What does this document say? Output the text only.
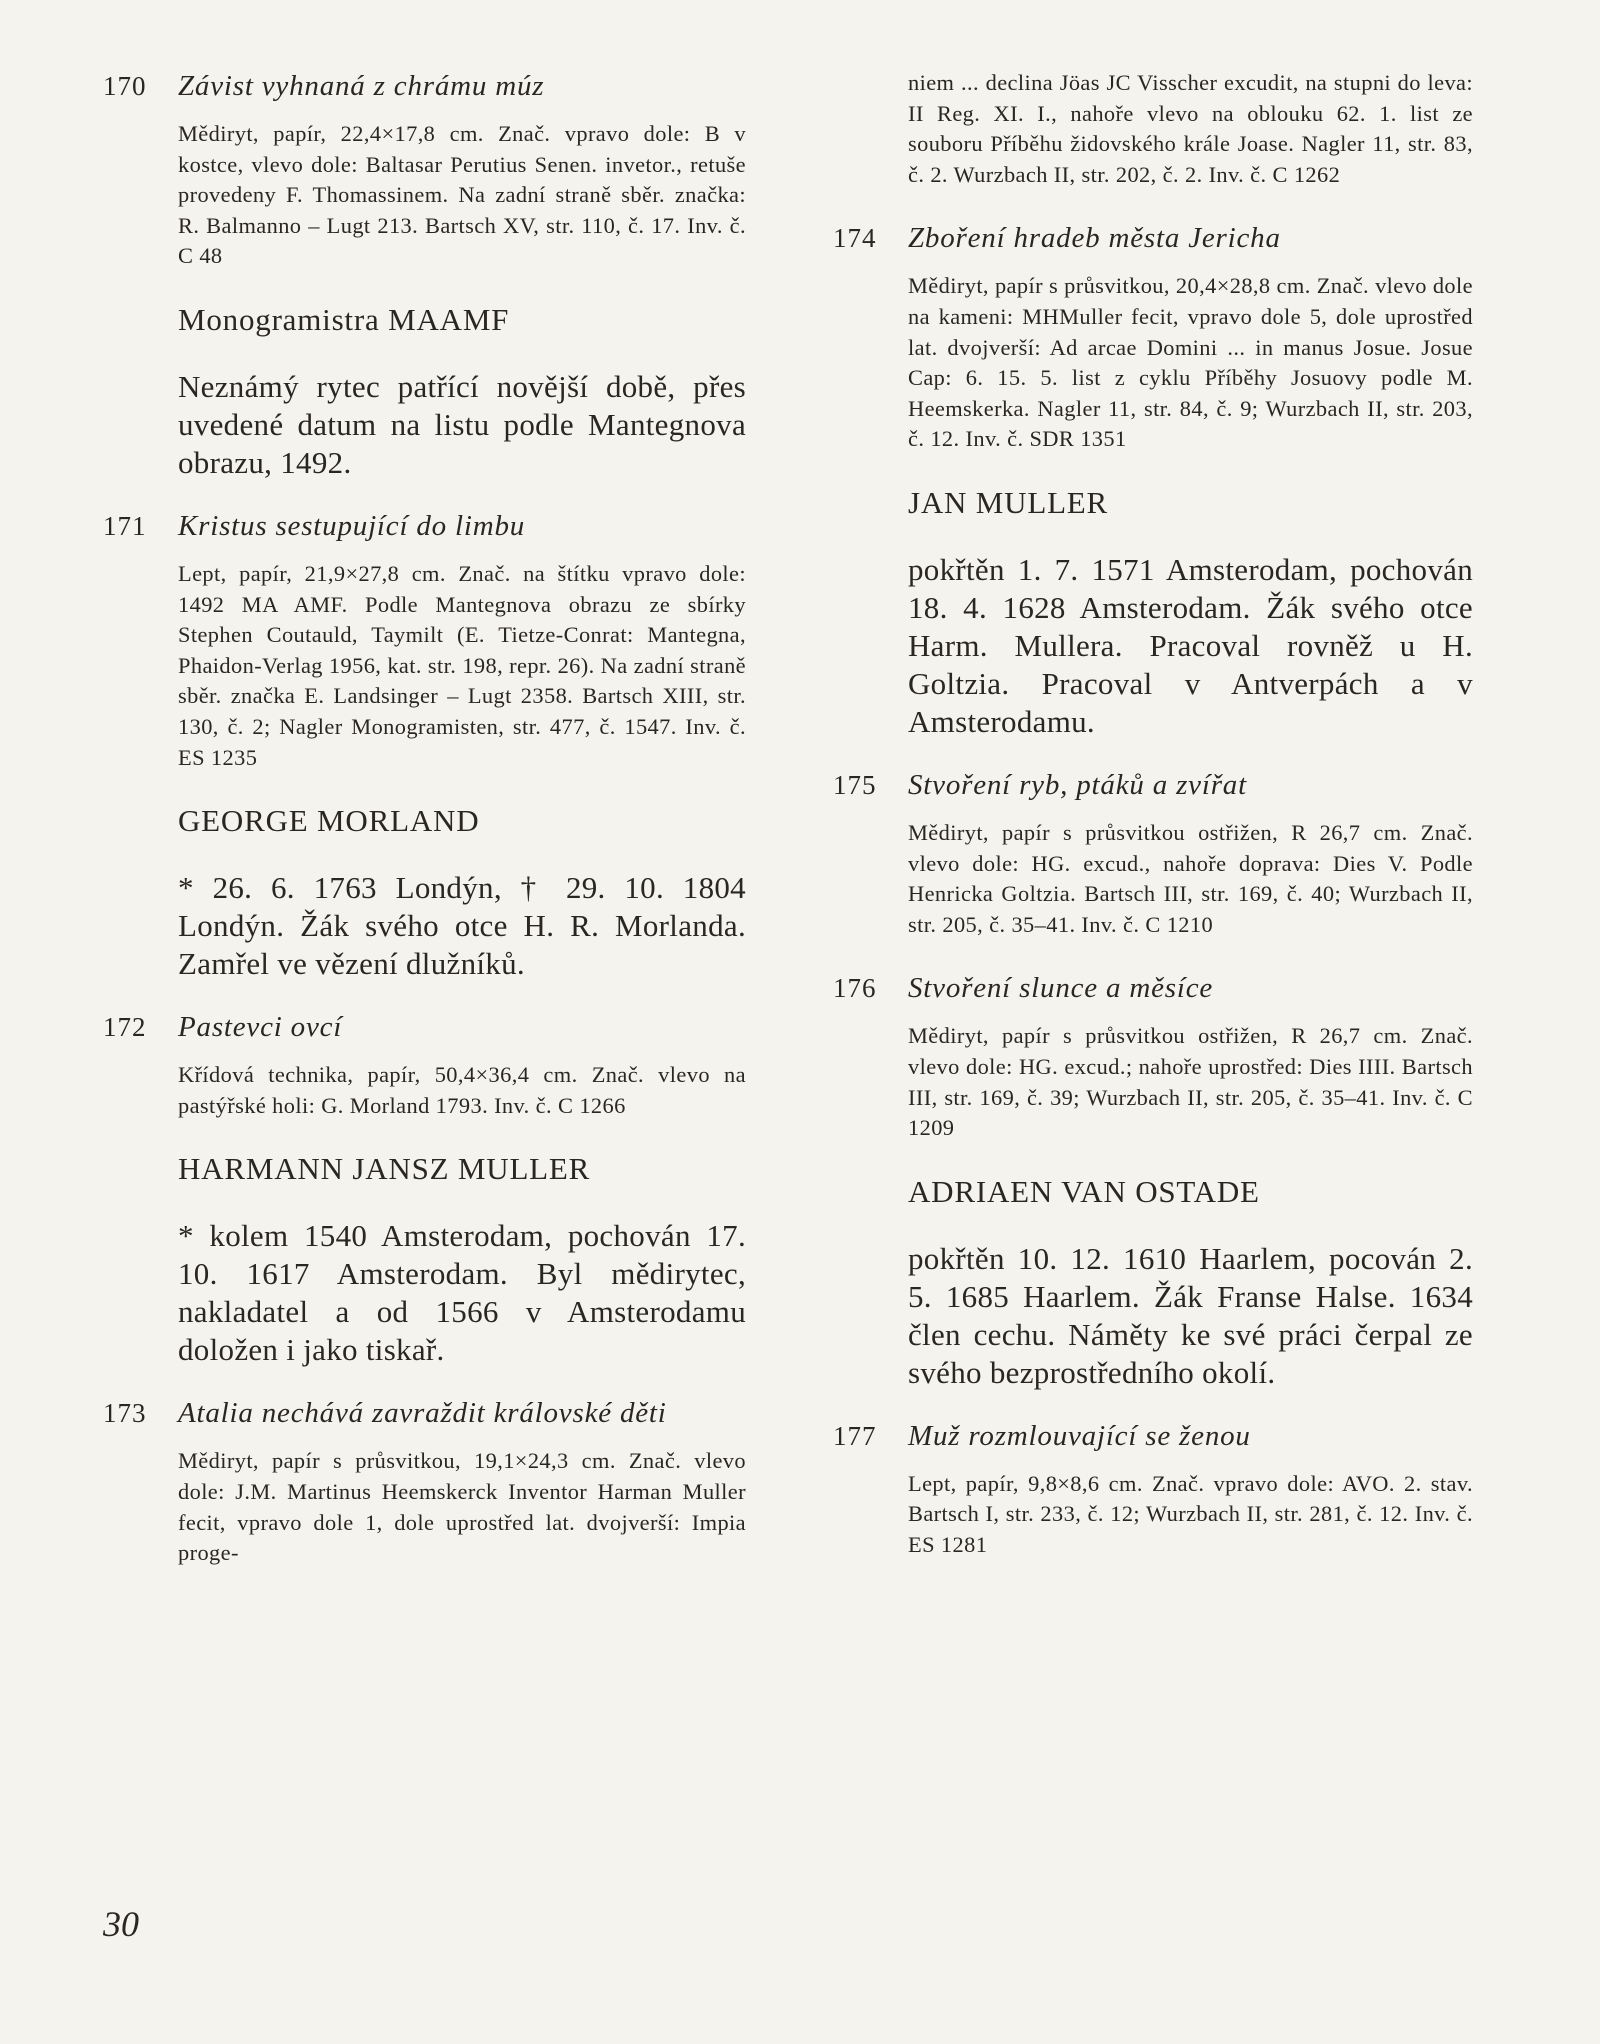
170	Závist vyhnaná z chrámu múz
Mědiryt, papír, 22,4×17,8 cm. Znač. vpravo dole: B v kostce, vlevo dole: Baltasar Perutius Senen. invetor., retuše provedeny F. Thomassinem. Na zadní straně sběr. značka: R. Balmanno – Lugt 213. Bartsch XV, str. 110, č. 17. Inv. č. C 48
Monogramistra MAAMF
Neznámý rytec patřící novější době, přes uvedené datum na listu podle Mantegnova obrazu, 1492.
171	Kristus sestupující do limbu
Lept, papír, 21,9×27,8 cm. Znač. na štítku vpravo dole: 1492 MA AMF. Podle Mantegnova obrazu ze sbírky Stephen Coutauld, Taymilt (E. Tietze-Conrat: Mantegna, Phaidon-Verlag 1956, kat. str. 198, repr. 26). Na zadní straně sběr. značka E. Landsinger – Lugt 2358. Bartsch XIII, str. 130, č. 2; Nagler Monogramisten, str. 477, č. 1547. Inv. č. ES 1235
GEORGE MORLAND
* 26. 6. 1763 Londýn, † 29. 10. 1804 Londýn. Žák svého otce H. R. Morlanda. Zamřel ve vězení dlužníků.
172	Pastevci ovcí
Křídová technika, papír, 50,4×36,4 cm. Znač. vlevo na pastýřské holi: G. Morland 1793. Inv. č. C 1266
HARMANN JANSZ MULLER
* kolem 1540 Amsterodam, pochován 17. 10. 1617 Amsterodam. Byl mědirytec, nakladatel a od 1566 v Amsterodamu doložen i jako tiskař.
173	Atalia nechává zavraždit královské děti
Mědiryt, papír s průsvitkou, 19,1×24,3 cm. Znač. vlevo dole: J.M. Martinus Heemskerck Inventor Harman Muller fecit, vpravo dole 1, dole uprostřed lat. dvojverší: Impia proge-
niem ... declina Jöas JC Visscher excudit, na stupni do leva: II Reg. XI. I., nahoře vlevo na oblouku 62. 1. list ze souboru Příběhu židovského krále Joase. Nagler 11, str. 83, č. 2. Wurzbach II, str. 202, č. 2. Inv. č. C 1262
174	Zboření hradeb města Jericha
Mědiryt, papír s průsvitkou, 20,4×28,8 cm. Znač. vlevo dole na kameni: MHMuller fecit, vpravo dole 5, dole uprostřed lat. dvojverší: Ad arcae Domini ... in manus Josue. Josue Cap: 6. 15. 5. list z cyklu Příběhy Josuovy podle M. Heemskerka. Nagler 11, str. 84, č. 9; Wurzbach II, str. 203, č. 12. Inv. č. SDR 1351
JAN MULLER
pokřtěn 1. 7. 1571 Amsterodam, pochován 18. 4. 1628 Amsterodam. Žák svého otce Harm. Mullera. Pracoval rovněž u H. Goltzia. Pracoval v Antverpách a v Amsterodamu.
175	Stvoření ryb, ptáků a zvířat
Mědiryt, papír s průsvitkou ostřižen, R 26,7 cm. Znač. vlevo dole: HG. excud., nahoře doprava: Dies V. Podle Henricka Goltzia. Bartsch III, str. 169, č. 40; Wurzbach II, str. 205, č. 35–41. Inv. č. C 1210
176	Stvoření slunce a měsíce
Mědiryt, papír s průsvitkou ostřižen, R 26,7 cm. Znač. vlevo dole: HG. excud.; nahoře uprostřed: Dies IIII. Bartsch III, str. 169, č. 39; Wurzbach II, str. 205, č. 35–41. Inv. č. C 1209
ADRIAEN VAN OSTADE
pokřtěn 10. 12. 1610 Haarlem, pocován 2. 5. 1685 Haarlem. Žák Franse Halse. 1634 člen cechu. Náměty ke své práci čerpal ze svého bezprostředního okolí.
177	Muž rozmlouvající se ženou
Lept, papír, 9,8×8,6 cm. Znač. vpravo dole: AVO. 2. stav. Bartsch I, str. 233, č. 12; Wurzbach II, str. 281, č. 12. Inv. č. ES 1281
30
